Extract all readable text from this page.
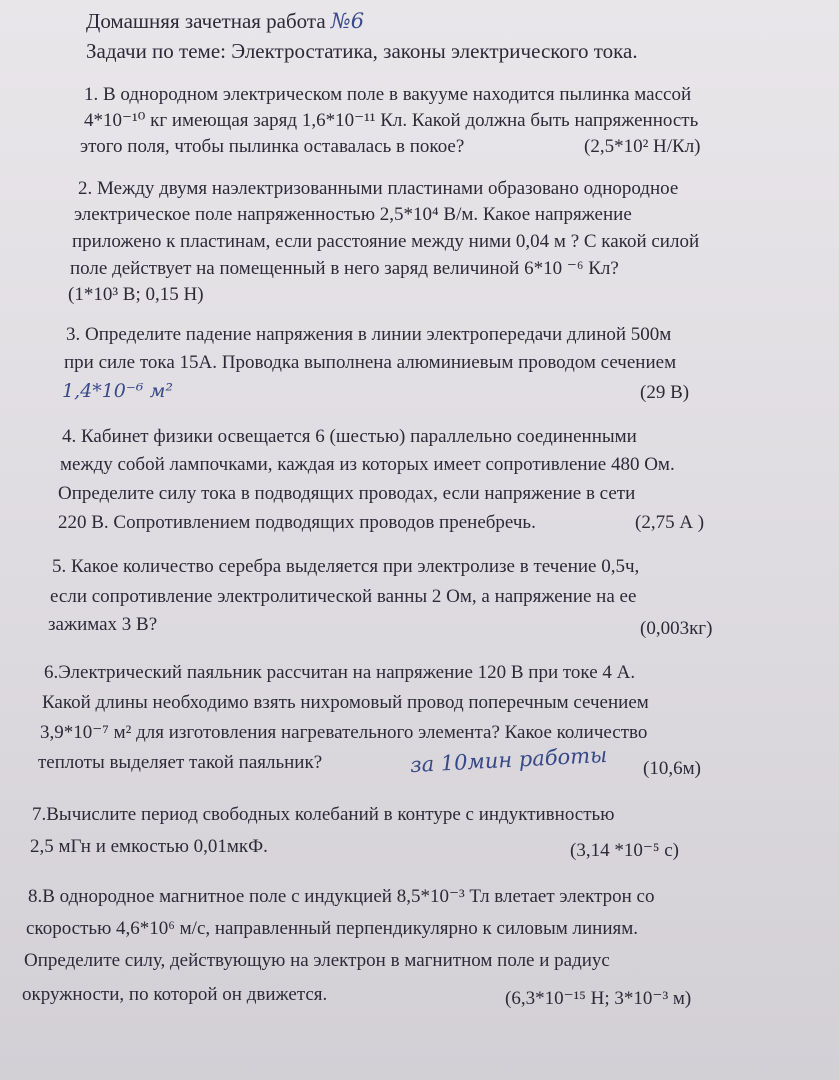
Домашняя зачетная работа №6
Задачи по теме: Электростатика, законы электрического тока.
1. В однородном электрическом поле в вакууме находится пылинка массой
4*10⁻¹⁰ кг имеющая заряд 1,6*10⁻¹¹ Кл. Какой должна быть напряженность
этого поля, чтобы пылинка оставалась в покое?	(2,5*10² Н/Кл)
2. Между двумя наэлектризованными пластинами образовано однородное
электрическое поле напряженностью 2,5*10⁴ В/м. Какое напряжение
приложено к пластинам, если расстояние между ними 0,04 м ? С какой силой
поле действует на помещенный в него заряд величиной 6*10 ⁻⁶ Кл?
(1*10³ В; 0,15 Н)
3. Определите падение напряжения в линии электропередачи длиной 500м
при силе тока 15А. Проводка выполнена алюминиевым проводом сечением
1,4*10⁻⁶ м²	(29 В)
4. Кабинет физики освещается 6 (шестью) параллельно соединенными
между собой лампочками, каждая из которых имеет сопротивление 480 Ом.
Определите силу тока в подводящих проводах, если напряжение в сети
220 В. Сопротивлением подводящих проводов пренебречь.	(2,75 А )
5. Какое количество серебра выделяется при электролизе в течение 0,5ч,
если сопротивление электролитической ванны 2 Ом, а напряжение на ее
зажимах 3 В?	(0,003кг)
6.Электрический паяльник рассчитан на напряжение 120 В при токе 4 А.
Какой длины необходимо взять нихромовый провод поперечным сечением
3,9*10⁻⁷ м² для изготовления нагревательного элемента? Какое количество
теплоты выделяет такой паяльник?	за 10мин работы (10,6м)
7.Вычислите период свободных колебаний в контуре с индуктивностью
2,5 мГн и емкостью 0,01мкФ.	(3,14 *10⁻⁵ с)
8.В однородное магнитное поле с индукцией 8,5*10⁻³ Тл влетает электрон со
скоростью 4,6*10⁶ м/с, направленный перпендикулярно к силовым линиям.
Определите силу, действующую на электрон в магнитном поле и радиус
окружности, по которой он движется.	(6,3*10⁻¹⁵ Н; 3*10⁻³ м)
